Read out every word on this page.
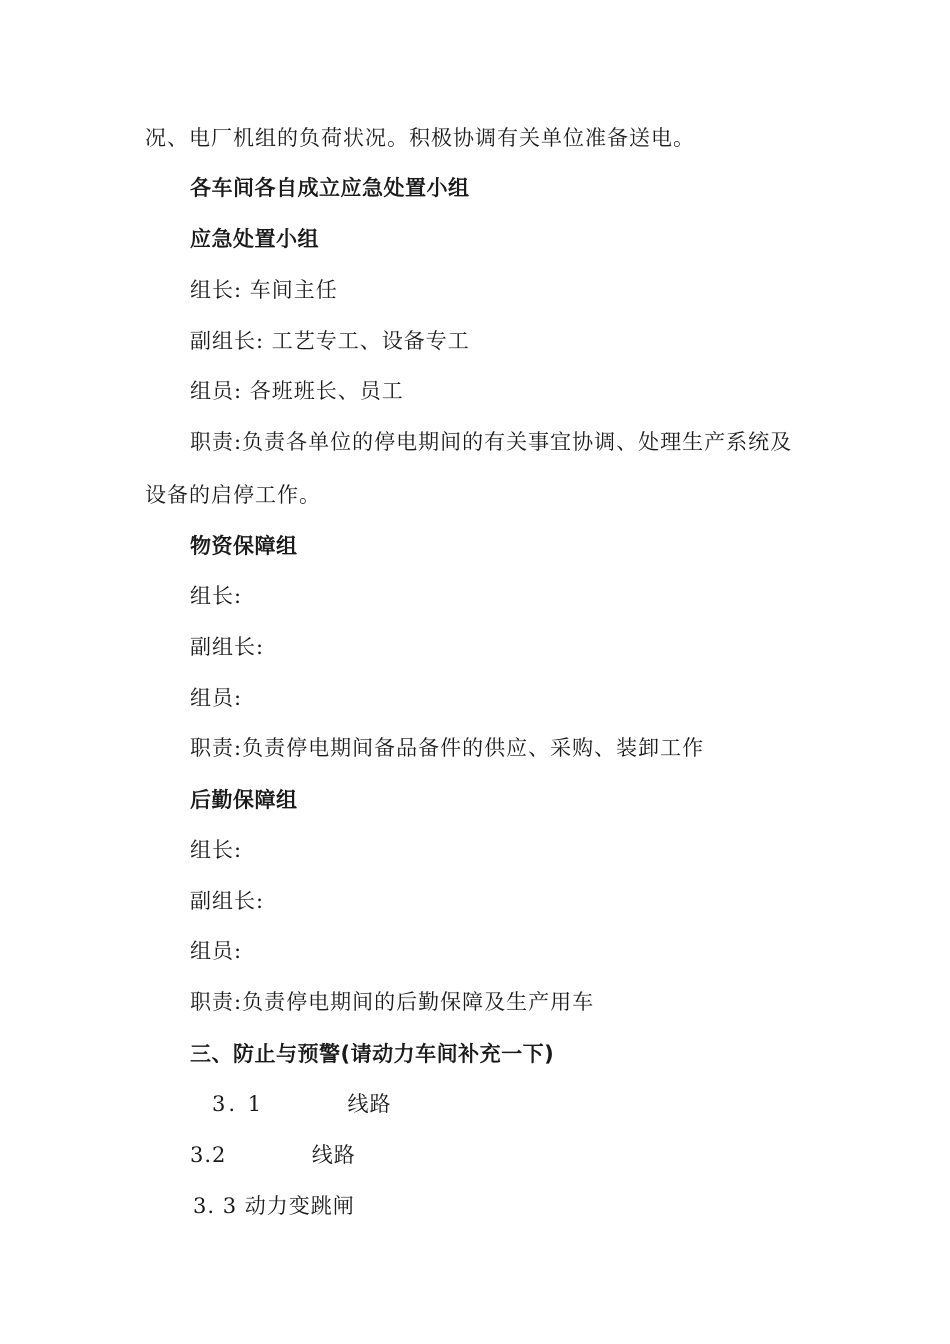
况、电厂机组的负荷状况。积极协调有关单位准备送电。
各车间各自成立应急处置小组
应急处置小组
组长: 车间主任
副组长: 工艺专工、设备专工
组员: 各班班长、员工
职责:负责各单位的停电期间的有关事宜协调、处理生产系统及
设备的启停工作。
物资保障组
组长:
副组长:
组员:
职责:负责停电期间备品备件的供应、采购、装卸工作
后勤保障组
组长:
副组长:
组员:
职责:负责停电期间的后勤保障及生产用车
三、防止与预警(请动力车间补充一下)
3. 1	线路
3.2	线路
3. 3 动力变跳闸
